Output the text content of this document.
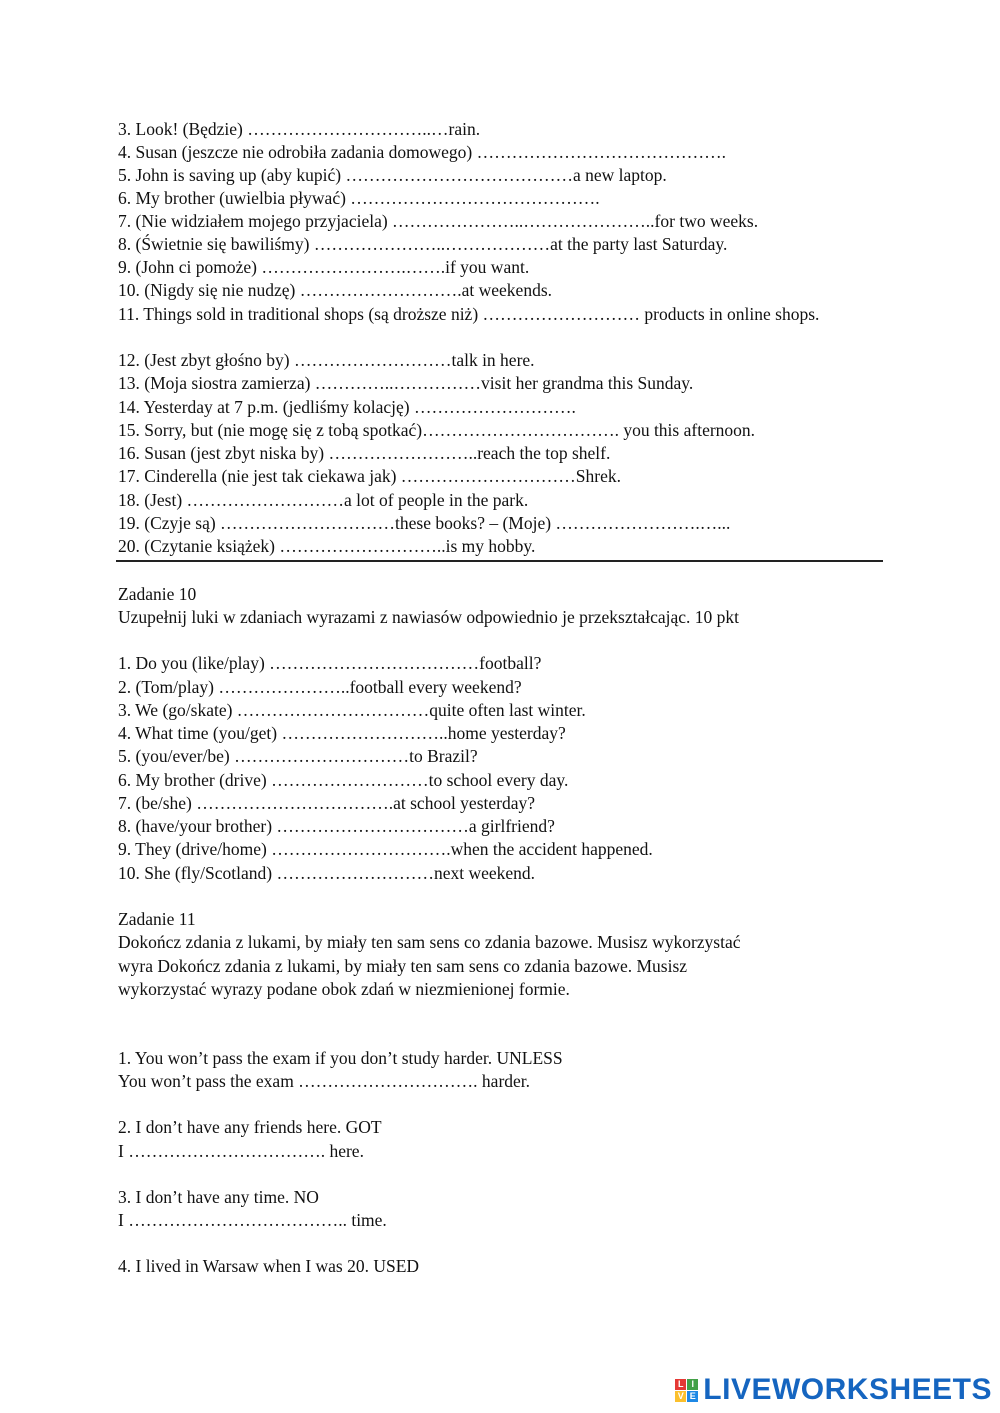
3. Look! (Będzie) …………………………..…rain.
4. Susan (jeszcze nie odrobiła zadania domowego) …………………………………….
5. John is saving up (aby kupić) …………………………………a new laptop.
6. My brother (uwielbia pływać) …………………………………….
7. (Nie widziałem mojego przyjaciela) …………………..…………………..for two weeks.
8. (Świetnie się bawiliśmy) …………………..………………at the party last Saturday.
9. (John ci pomoże) …………………….…….if you want.
10. (Nigdy się nie nudzę) ……………………….at weekends.
11. Things sold in traditional shops (są droższe niż) ……………………… products in online shops.
12. (Jest zbyt głośno by) ………………………talk in here.
13. (Moja siostra zamierza) …………..……………visit her grandma this Sunday.
14. Yesterday at 7 p.m. (jedliśmy kolację) ……………………….
15. Sorry, but (nie mogę się z tobą spotkać)……………………………. you this afternoon.
16. Susan (jest zbyt niska by) ……………………..reach the top shelf.
17. Cinderella (nie jest tak ciekawa jak) …………………………Shrek.
18. (Jest) ………………………a lot of people in the park.
19. (Czyje są) …………………………these books? – (Moje) …………………….…...
20. (Czytanie książek) ………………………..is my hobby.
Zadanie 10
Uzupełnij luki w zdaniach wyrazami z nawiasów odpowiednio je przekształcając. 10 pkt
1. Do you (like/play) ………………………………football?
2. (Tom/play) …………………..football every weekend?
3. We (go/skate) ……………………………quite often last winter.
4. What time (you/get) ………………………..home yesterday?
5. (you/ever/be) …………………………to Brazil?
6. My brother (drive) ………………………to school every day.
7. (be/she) …………………………….at school yesterday?
8. (have/your brother) ……………………………a girlfriend?
9. They (drive/home) ………………………….when the accident happened.
10. She (fly/Scotland) ………………………next weekend.
Zadanie 11
Dokończ zdania z lukami, by miały ten sam sens co zdania bazowe. Musisz wykorzystać
wyra Dokończ zdania z lukami, by miały ten sam sens co zdania bazowe. Musisz
wykorzystać wyrazy podane obok zdań w niezmienionej formie.
1. You won’t pass the exam if you don’t study harder. UNLESS
You won’t pass the exam …………………………. harder.
2. I don’t have any friends here. GOT
I ……………………………. here.
3. I don’t have any time. NO
I ……………………………….. time.
4. I lived in Warsaw when I was 20. USED
L I
V E LIVEWORKSHEETS
